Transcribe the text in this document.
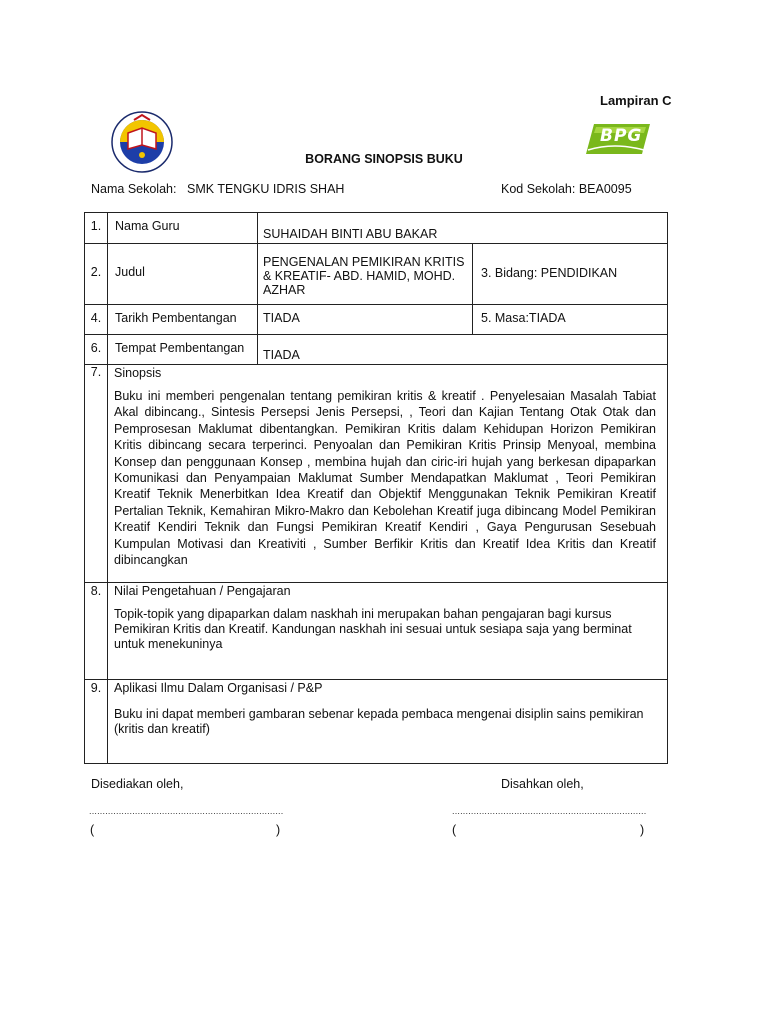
Lampiran C
BPG
BORANG SINOPSIS BUKU
Nama Sekolah: SMK TENGKU IDRIS SHAH	Kod Sekolah: BEA0095
1.	Nama Guru	SUHAIDAH BINTI ABU BAKAR	
2.	Judul	PENGENALAN PEMIKIRAN KRITIS & KREATIF- ABD. HAMID, MOHD. AZHAR	3. Bidang: PENDIDIKAN
4.	Tarikh Pembentangan	TIADA	5. Masa:TIADA
6.	Tempat Pembentangan	TIADA	
7.	Sinopsis
Buku ini memberi pengenalan tentang pemikiran kritis & kreatif . Penyelesaian Masalah Tabiat Akal dibincang., Sintesis Persepsi Jenis Persepsi, , Teori dan Kajian Tentang Otak Otak dan Pemprosesan Maklumat dibentangkan. Pemikiran Kritis dalam Kehidupan Horizon Pemikiran Kritis dibincang secara terperinci. Penyoalan dan Pemikiran Kritis Prinsip Menyoal, membina Konsep dan penggunaan Konsep , membina hujah dan ciric-iri hujah yang berkesan dipaparkan Komunikasi dan Penyampaian Maklumat Sumber Mendapatkan Maklumat , Teori Pemikiran Kreatif Teknik Menerbitkan Idea Kreatif dan Objektif Menggunakan Teknik Pemikiran Kreatif Pertalian Teknik, Kemahiran Mikro-Makro dan Kebolehan Kreatif juga dibincang Model Pemikiran Kreatif Kendiri Teknik dan Fungsi Pemikiran Kreatif Kendiri , Gaya Pengurusan Sesebuah Kumpulan Motivasi dan Kreativiti , Sumber Berfikir Kritis dan Kreatif Idea Kritis dan Kreatif dibincangkan		

8.	Nilai Pengetahuan / Pengajaran
Topik-topik yang dipaparkan dalam naskhah ini merupakan bahan pengajaran bagi kursus Pemikiran Kritis dan Kreatif. Kandungan naskhah ini sesuai untuk sesiapa saja yang berminat untuk menekuninya		

9.	Aplikasi Ilmu Dalam Organisasi / P&P
Buku ini dapat memberi gambaran sebenar kepada pembaca mengenai disiplin sains pemikiran (kritis dan kreatif)		
Disediakan oleh,	Disahkan oleh,
........................................................................	........................................................................
(	)	(	)
